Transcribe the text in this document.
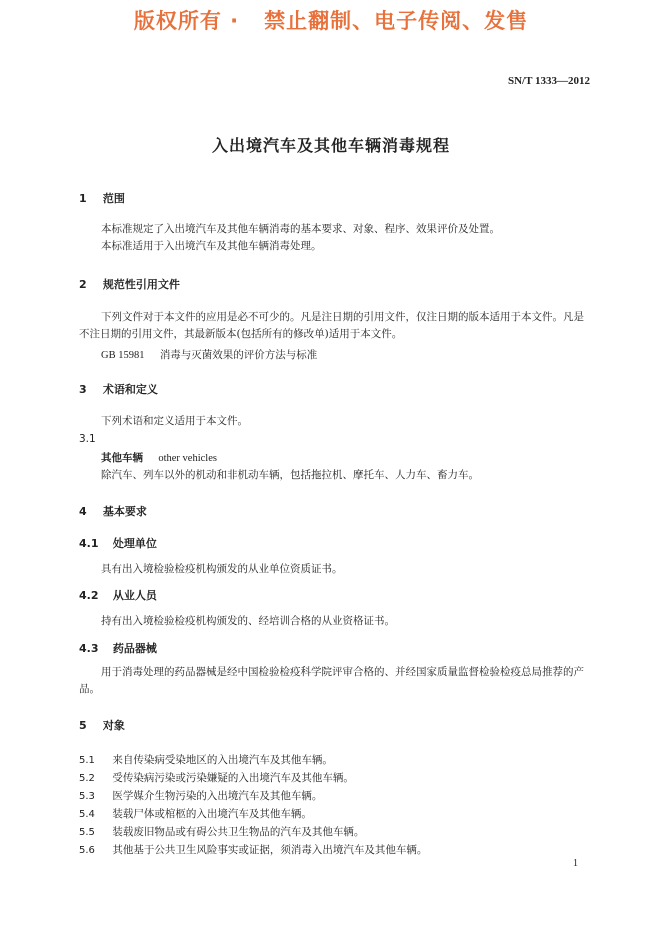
版权所有 ·   禁止翻制、电子传阅、发售
SN/T 1333—2012
入出境汽车及其他车辆消毒规程
1 范围
本标准规定了入出境汽车及其他车辆消毒的基本要求、对象、程序、效果评价及处置。
本标准适用于入出境汽车及其他车辆消毒处理。
2 规范性引用文件
下列文件对于本文件的应用是必不可少的。凡是注日期的引用文件，仅注日期的版本适用于本文件。凡是不注日期的引用文件，其最新版本(包括所有的修改单)适用于本文件。
GB 15981 消毒与灭菌效果的评价方法与标准
3 术语和定义
下列术语和定义适用于本文件。
3.1
其他车辆 other vehicles
除汽车、列车以外的机动和非机动车辆，包括拖拉机、摩托车、人力车、畜力车。
4 基本要求
4.1 处理单位
具有出入境检验检疫机构颁发的从业单位资质证书。
4.2 从业人员
持有出入境检验检疫机构颁发的、经培训合格的从业资格证书。
4.3 药品器械
用于消毒处理的药品器械是经中国检验检疫科学院评审合格的、并经国家质量监督检验检疫总局推荐的产品。
5 对象
5.1 来自传染病受染地区的入出境汽车及其他车辆。
5.2 受传染病污染或污染嫌疑的入出境汽车及其他车辆。
5.3 医学媒介生物污染的入出境汽车及其他车辆。
5.4 装载尸体或棺柩的入出境汽车及其他车辆。
5.5 装载废旧物品或有碍公共卫生物品的汽车及其他车辆。
5.6 其他基于公共卫生风险事实或证据，须消毒入出境汽车及其他车辆。
1
